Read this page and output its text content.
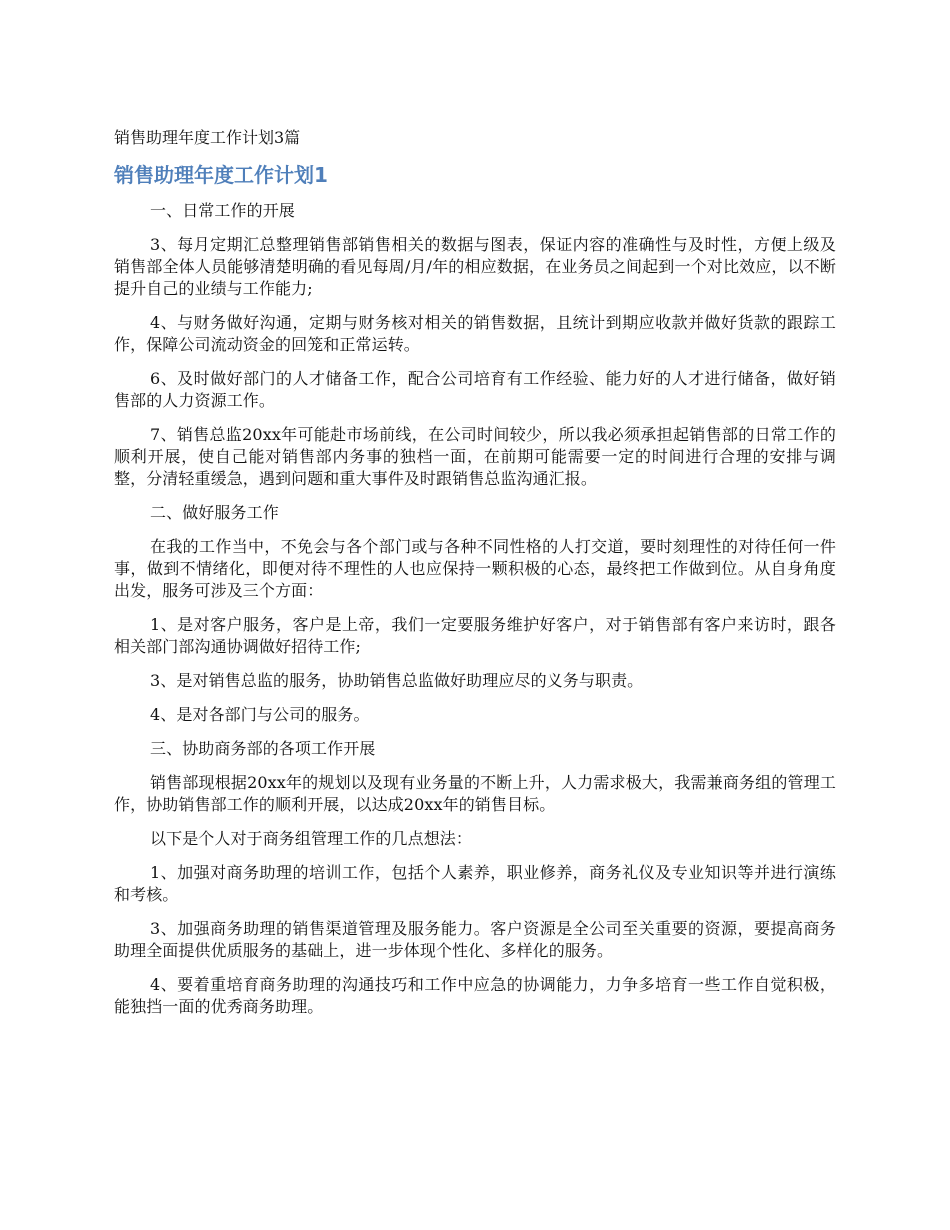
销售助理年度工作计划3篇
销售助理年度工作计划1

一、日常工作的开展

3、每月定期汇总整理销售部销售相关的数据与图表，保证内容的准确性与及时性，方便上级及销售部全体人员能够清楚明确的看见每周/月/年的相应数据，在业务员之间起到一个对比效应，以不断提升自己的业绩与工作能力;

4、与财务做好沟通，定期与财务核对相关的销售数据，且统计到期应收款并做好货款的跟踪工作，保障公司流动资金的回笼和正常运转。

6、及时做好部门的人才储备工作，配合公司培育有工作经验、能力好的人才进行储备，做好销售部的人力资源工作。

7、销售总监20xx年可能赴市场前线，在公司时间较少，所以我必须承担起销售部的日常工作的顺利开展，使自己能对销售部内务事的独档一面，在前期可能需要一定的时间进行合理的安排与调整，分清轻重缓急，遇到问题和重大事件及时跟销售总监沟通汇报。

二、做好服务工作

在我的工作当中，不免会与各个部门或与各种不同性格的人打交道，要时刻理性的对待任何一件事，做到不情绪化，即便对待不理性的人也应保持一颗积极的心态，最终把工作做到位。从自身角度出发，服务可涉及三个方面：

1、是对客户服务，客户是上帝，我们一定要服务维护好客户，对于销售部有客户来访时，跟各相关部门部沟通协调做好招待工作;

3、是对销售总监的服务，协助销售总监做好助理应尽的义务与职责。

4、是对各部门与公司的服务。

三、协助商务部的各项工作开展

销售部现根据20xx年的规划以及现有业务量的不断上升，人力需求极大，我需兼商务组的管理工作，协助销售部工作的顺利开展，以达成20xx年的销售目标。

以下是个人对于商务组管理工作的几点想法：

1、加强对商务助理的培训工作，包括个人素养，职业修养，商务礼仪及专业知识等并进行演练和考核。

3、加强商务助理的销售渠道管理及服务能力。客户资源是全公司至关重要的资源，要提高商务助理全面提供优质服务的基础上，进一步体现个性化、多样化的服务。

4、要着重培育商务助理的沟通技巧和工作中应急的协调能力，力争多培育一些工作自觉积极，能独挡一面的优秀商务助理。
